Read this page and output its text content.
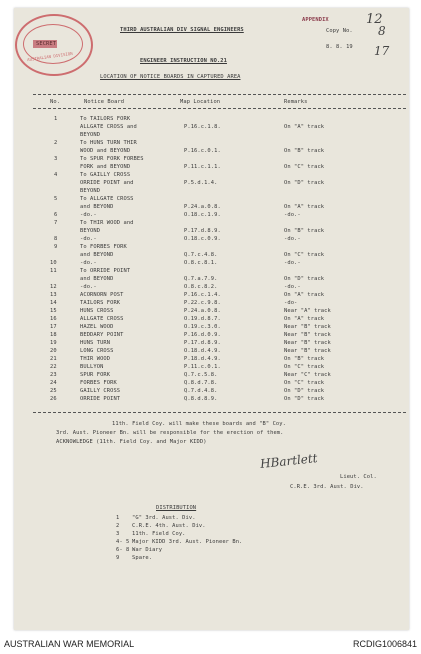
AUSTRALIAN DIVISION
SECRET
THIRD AUSTRALIAN DIV SIGNAL ENGINEERS
APPENDIX	12
Copy No. 8
8. 8. 19 17
ENGINEER INSTRUCTION NO.21
LOCATION OF NOTICE BOARDS IN CAPTURED AREA
No.	Notice Board	Map Location	Remarks
1	To TAILORS FORK
ALLGATE CROSS and	P.16.c.1.8.	On "A" track
BEYOND
2	To HUNS TURN THIR
WOOD and BEYOND	P.16.c.0.1.	On "B" track
3	To SPUR FORK FORBES
FORK and BEYOND	P.11.c.1.1.	On "C" track
4	To GAILLY CROSS
ORRIDE POINT and	P.5.d.1.4.	On "D" track
BEYOND
5	To ALLGATE CROSS
and BEYOND	P.24.a.0.8.	On "A" track
6	-do.-	O.18.c.1.9.	-do.-
7	To THIR WOOD and
BEYOND	P.17.d.8.9.	On "B" track
8	-do.-	O.18.c.0.9.	-do.-
9	To FORBES FORK
and BEYOND	Q.7.c.4.8.	On "C" track
10	-do.-	O.8.c.8.1.	-do.-
11	To ORRIDE POINT
and BEYOND	Q.7.a.7.9.	On "D" track
12	-do.-	O.8.c.8.2.	-do.-
13	ACORNORN POST	P.16.c.1.4.	On "A" track
14	TAILORS FORK	P.22.c.9.8.	-do-
15	HUNS CROSS	P.24.a.0.8.	Near "A" track
16	ALLGATE CROSS	O.19.d.8.7.	On "A" track
17	HAZEL WOOD	O.19.c.3.0.	Near "B" track
18	BEDDARY POINT	P.16.d.0.9.	Near "B" track
19	HUNS TURN	P.17.d.8.9.	Near "B" track
20	LONG CROSS	O.18.d.4.9.	Near "B" track
21	THIR WOOD	P.18.d.4.9.	On "B" track
22	BULLYON	P.11.c.0.1.	On "C" track
23	SPUR FORK	Q.7.c.5.8.	Near "C" track
24	FORBES FORK	Q.8.d.7.8.	On "C" track
25	GAILLY CROSS	Q.7.d.4.8.	On "D" track
26	ORRIDE POINT	Q.8.d.8.9.	On "D" track
11th. Field Coy. will make these boards and "B" Coy.
3rd. Aust. Pioneer Bn. will be responsible for the erection of them.
ACKNOWLEDGE (11th. Field Coy. and Major KIDD)
HBartlett
Lieut. Col.
C.R.E. 3rd. Aust. Div.
DISTRIBUTION
1 "G" 3rd. Aust. Div.
2 C.R.E. 4th. Aust. Div.
3 11th. Field Coy.
4- 5 Major KIDD 3rd. Aust. Pioneer Bn.
6- 8 War Diary
9 Spare.
AUSTRALIAN WAR MEMORIAL	RCDIG1006841
